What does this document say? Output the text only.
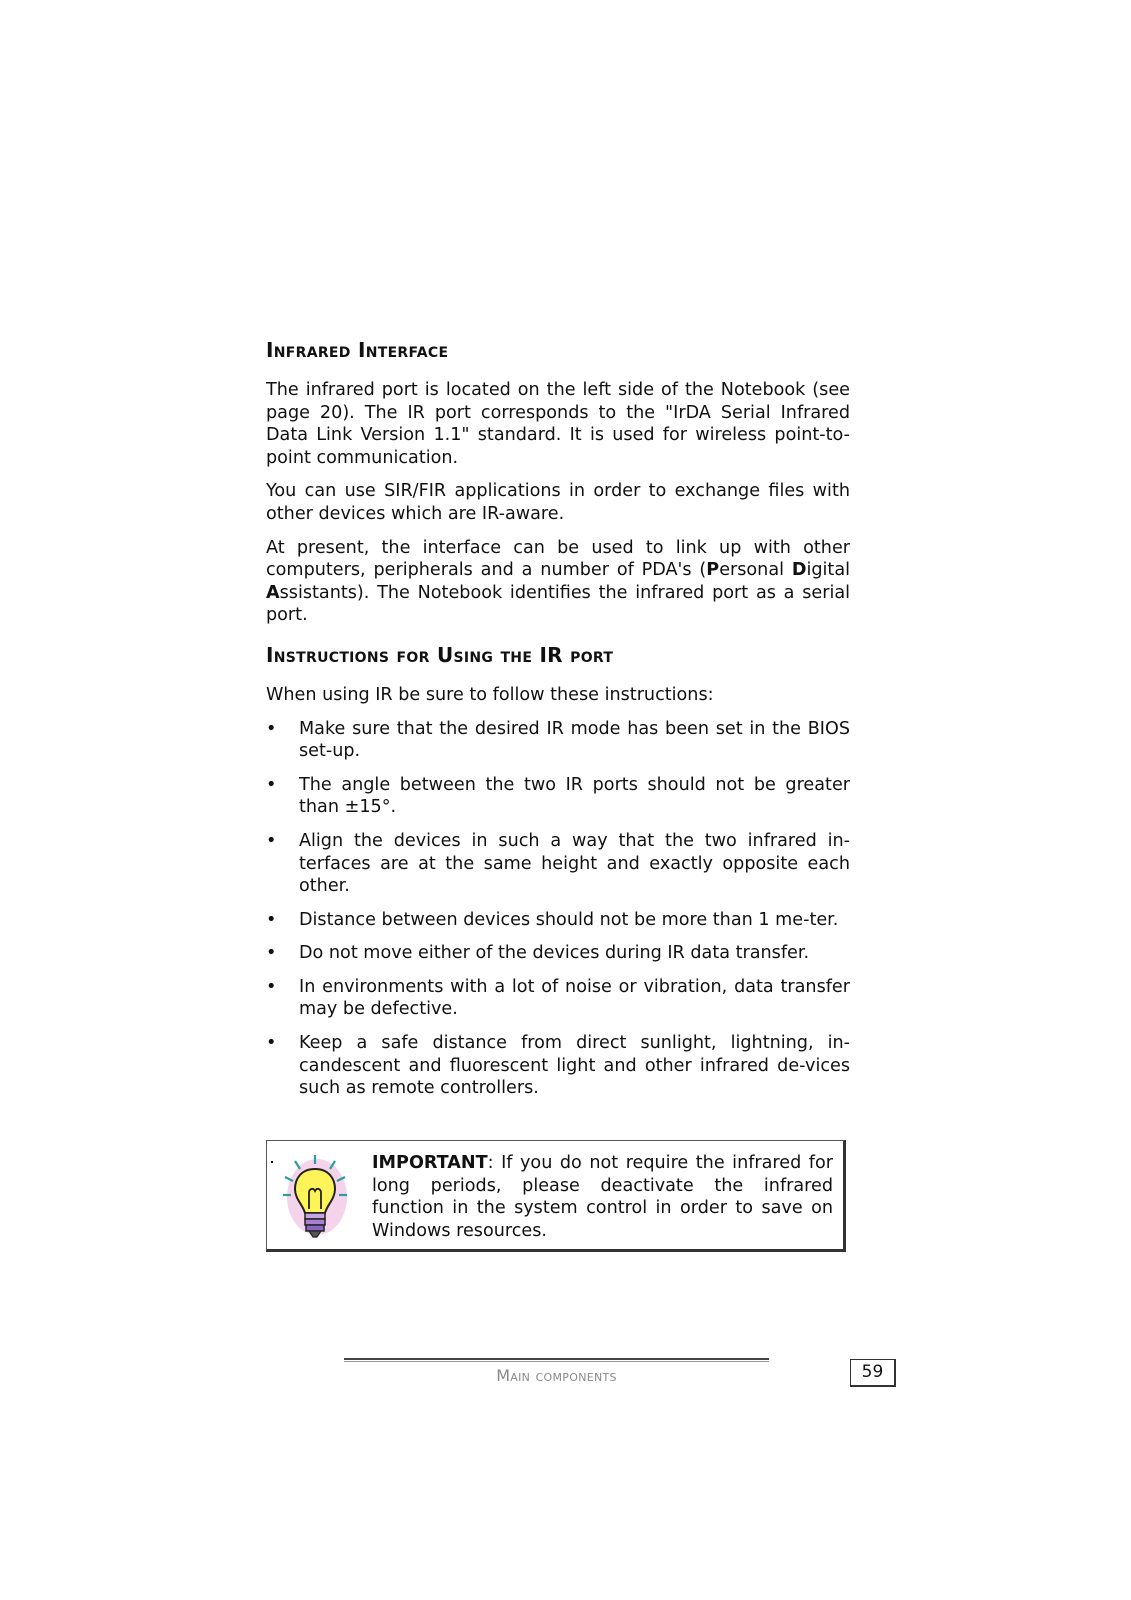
Infrared Interface

The infrared port is located on the left side of the Notebook (see page 20). The IR port corresponds to the "IrDA Serial Infrared Data Link Version 1.1" standard. It is used for wireless point-to-point communication.

You can use SIR/FIR applications in order to exchange files with other devices which are IR-aware.

At present, the interface can be used to link up with other computers, peripherals and a number of PDA's (Personal Digital Assistants). The Notebook identifies the infrared port as a serial port.

Instructions for Using the IR port

When using IR be sure to follow these instructions:

• Make sure that the desired IR mode has been set in the BIOS set-up.
• The angle between the two IR ports should not be greater than ±15°.
• Align the devices in such a way that the two infrared in-terfaces are at the same height and exactly opposite each other.
• Distance between devices should not be more than 1 me-ter.
• Do not move either of the devices during IR data transfer.
• In environments with a lot of noise or vibration, data transfer may be defective.
• Keep a safe distance from direct sunlight, lightning, in-candescent and fluorescent light and other infrared de-vices such as remote controllers.
IMPORTANT: If you do not require the infrared for long periods, please deactivate the infrared function in the system control in order to save on Windows resources.
Main components	59
